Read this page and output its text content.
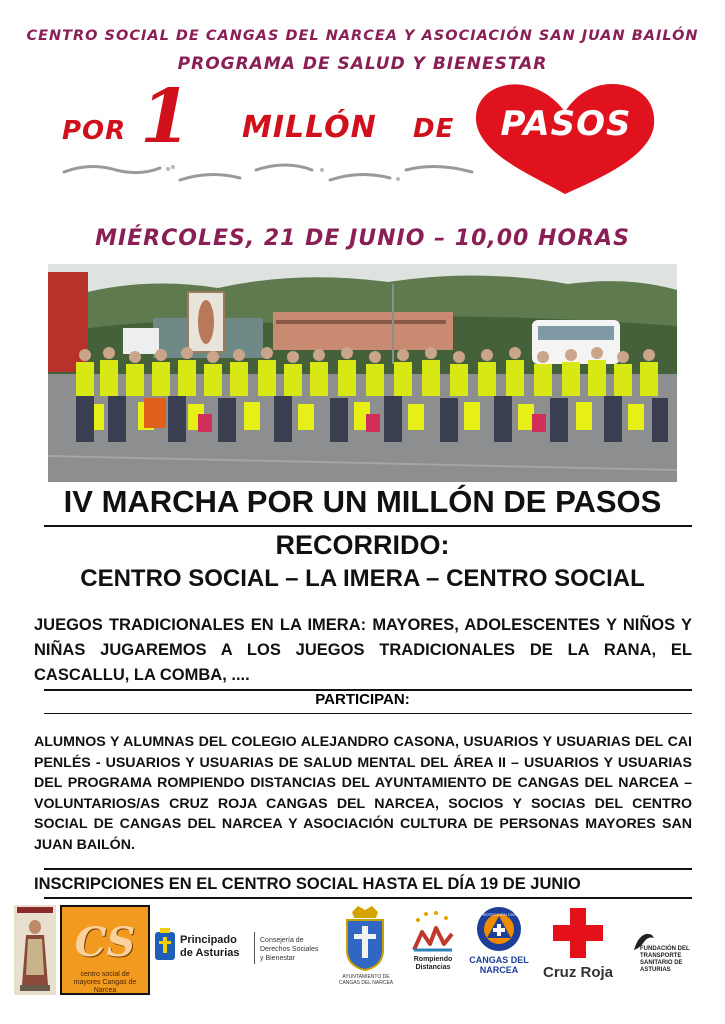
CENTRO SOCIAL DE CANGAS DEL NARCEA Y ASOCIACIÓN SAN JUAN BAILÓN
PROGRAMA DE SALUD Y BIENESTAR
POR 1 MILLÓN DE	PASOS
MIÉRCOLES, 21 DE JUNIO – 10,00 HORAS
IV MARCHA POR UN MILLÓN DE PASOS
RECORRIDO:
CENTRO SOCIAL – LA IMERA – CENTRO SOCIAL
JUEGOS TRADICIONALES EN LA IMERA: MAYORES, ADOLESCENTES Y NIÑOS Y NIÑAS JUGAREMOS A LOS JUEGOS TRADICIONALES DE LA RANA, EL CASCALLU, LA COMBA, ....
PARTICIPAN:
ALUMNOS Y ALUMNAS DEL COLEGIO ALEJANDRO CASONA, USUARIOS Y USUARIAS DEL CAI PENLÉS - USUARIOS Y USUARIAS DE SALUD MENTAL DEL ÁREA II – USUARIOS Y USUARIAS DEL PROGRAMA ROMPIENDO DISTANCIAS DEL AYUNTAMIENTO DE CANGAS DEL NARCEA – VOLUNTARIOS/AS CRUZ ROJA CANGAS DEL NARCEA, SOCIOS Y SOCIAS DEL CENTRO SOCIAL DE CANGAS DEL NARCEA Y ASOCIACIÓN CULTURA DE PERSONAS MAYORES SAN JUAN BAILÓN.
INSCRIPCIONES EN EL CENTRO SOCIAL HASTA EL DÍA 19 DE JUNIO
CS
centro social de mayores Cangas de Narcea
Principado de Asturias
Consejería de Derechos Sociales y Bienestar
AYUNTAMIENTO DE CANGAS DEL NARCEA
Rompiendo Distancias
PROTECCIÓN CIVIL
CANGAS DEL NARCEA	Cruz Roja
FUNDACIÓN DEL TRANSPORTE SANITARIO DE ASTURIAS
